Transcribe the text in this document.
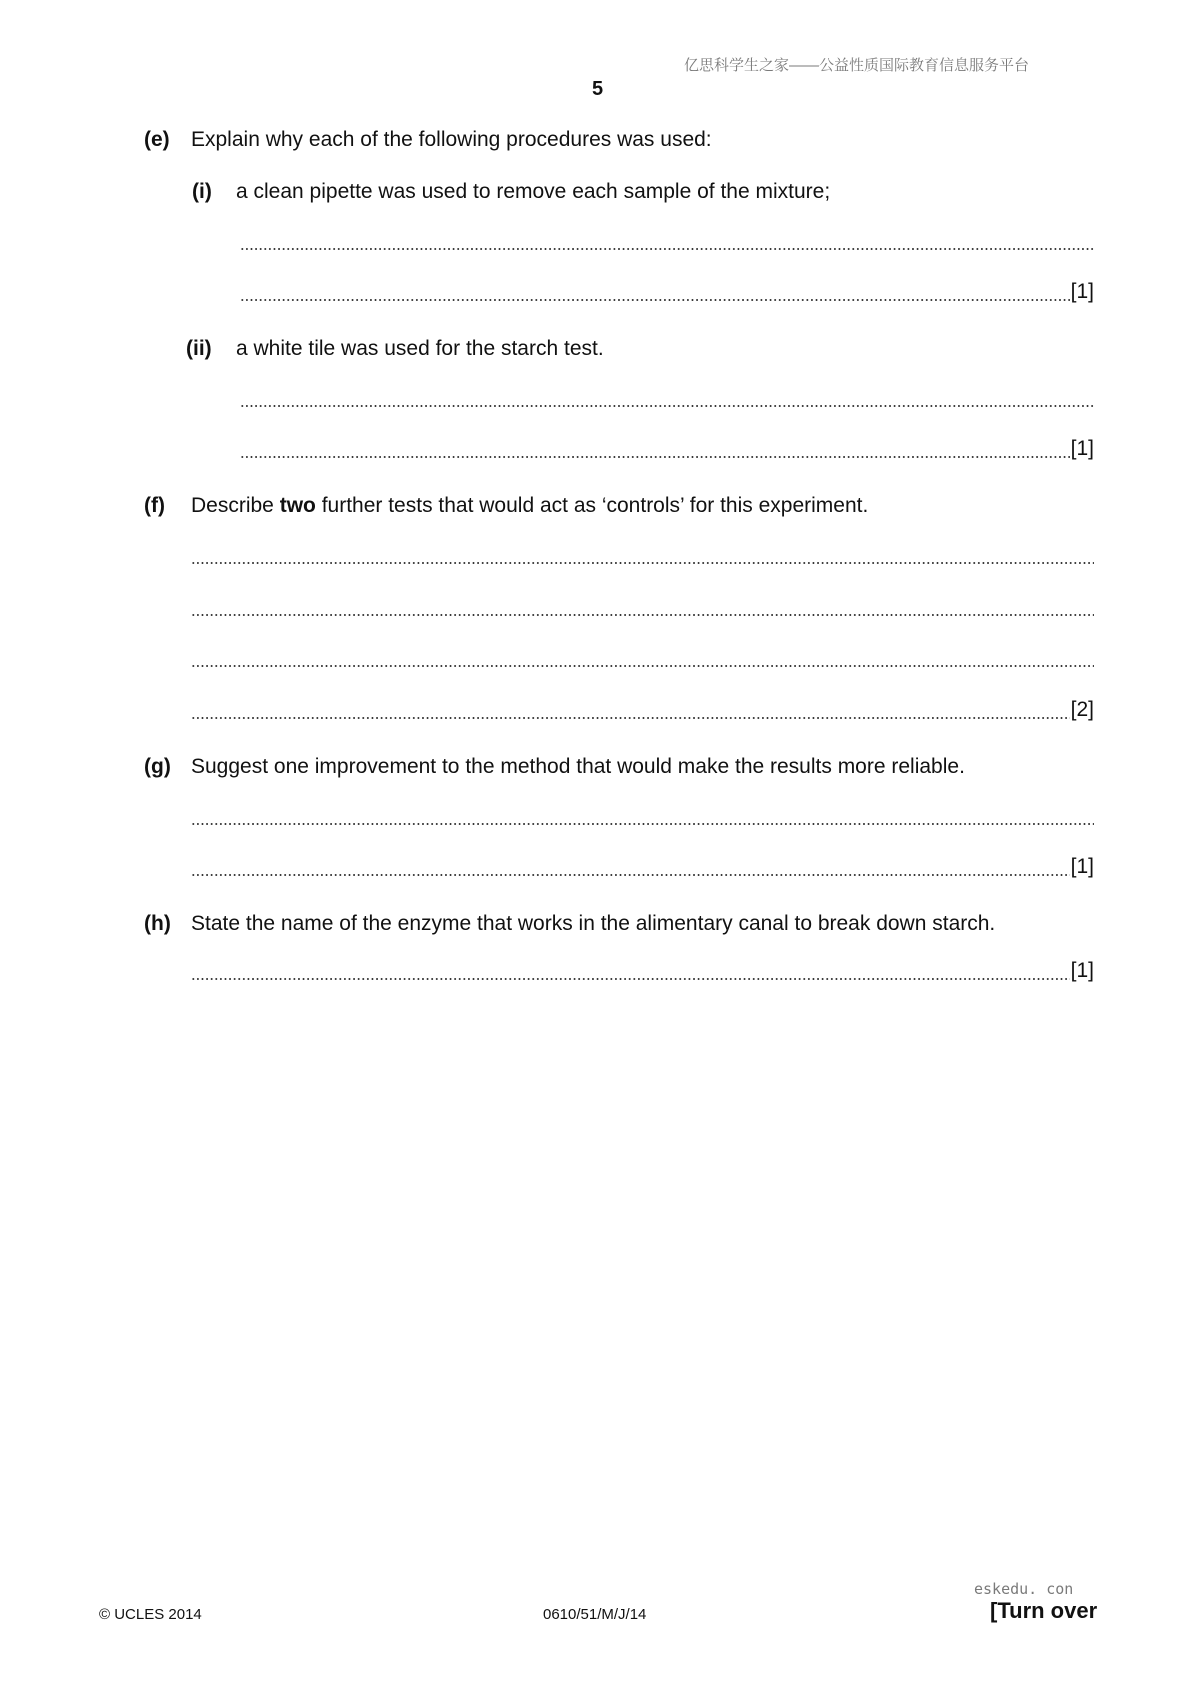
亿思科学生之家——公益性质国际教育信息服务平台
5
(e) Explain why each of the following procedures was used:
(i) a clean pipette was used to remove each sample of the mixture;
[1]
(ii) a white tile was used for the starch test.
[1]
(f) Describe two further tests that would act as ‘controls’ for this experiment.
[2]
(g) Suggest one improvement to the method that would make the results more reliable.
[1]
(h) State the name of the enzyme that works in the alimentary canal to break down starch.
[1]
eskedu. con
© UCLES 2014	0610/51/M/J/14	[Turn over
